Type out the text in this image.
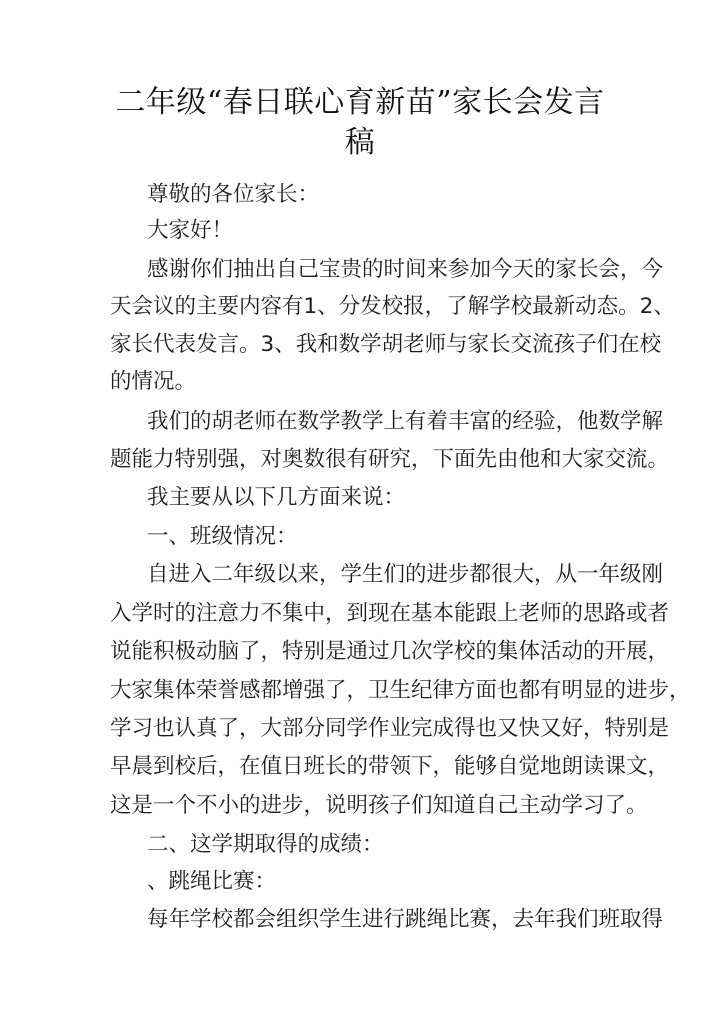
二年级“春日联心育新苗”家长会发言
稿
尊敬的各位家长：
大家好！
感谢你们抽出自己宝贵的时间来参加今天的家长会，今
天会议的主要内容有1、分发校报，了解学校最新动态。2、
家长代表发言。3、我和数学胡老师与家长交流孩子们在校
的情况。
我们的胡老师在数学教学上有着丰富的经验，他数学解
题能力特别强，对奥数很有研究，下面先由他和大家交流。
我主要从以下几方面来说：
一、班级情况：
自进入二年级以来，学生们的进步都很大，从一年级刚
入学时的注意力不集中，到现在基本能跟上老师的思路或者
说能积极动脑了，特别是通过几次学校的集体活动的开展，
大家集体荣誉感都增强了，卫生纪律方面也都有明显的进步，
学习也认真了，大部分同学作业完成得也又快又好，特别是
早晨到校后，在值日班长的带领下，能够自觉地朗读课文，
这是一个不小的进步，说明孩子们知道自己主动学习了。
二、这学期取得的成绩：
、跳绳比赛：
每年学校都会组织学生进行跳绳比赛，去年我们班取得
